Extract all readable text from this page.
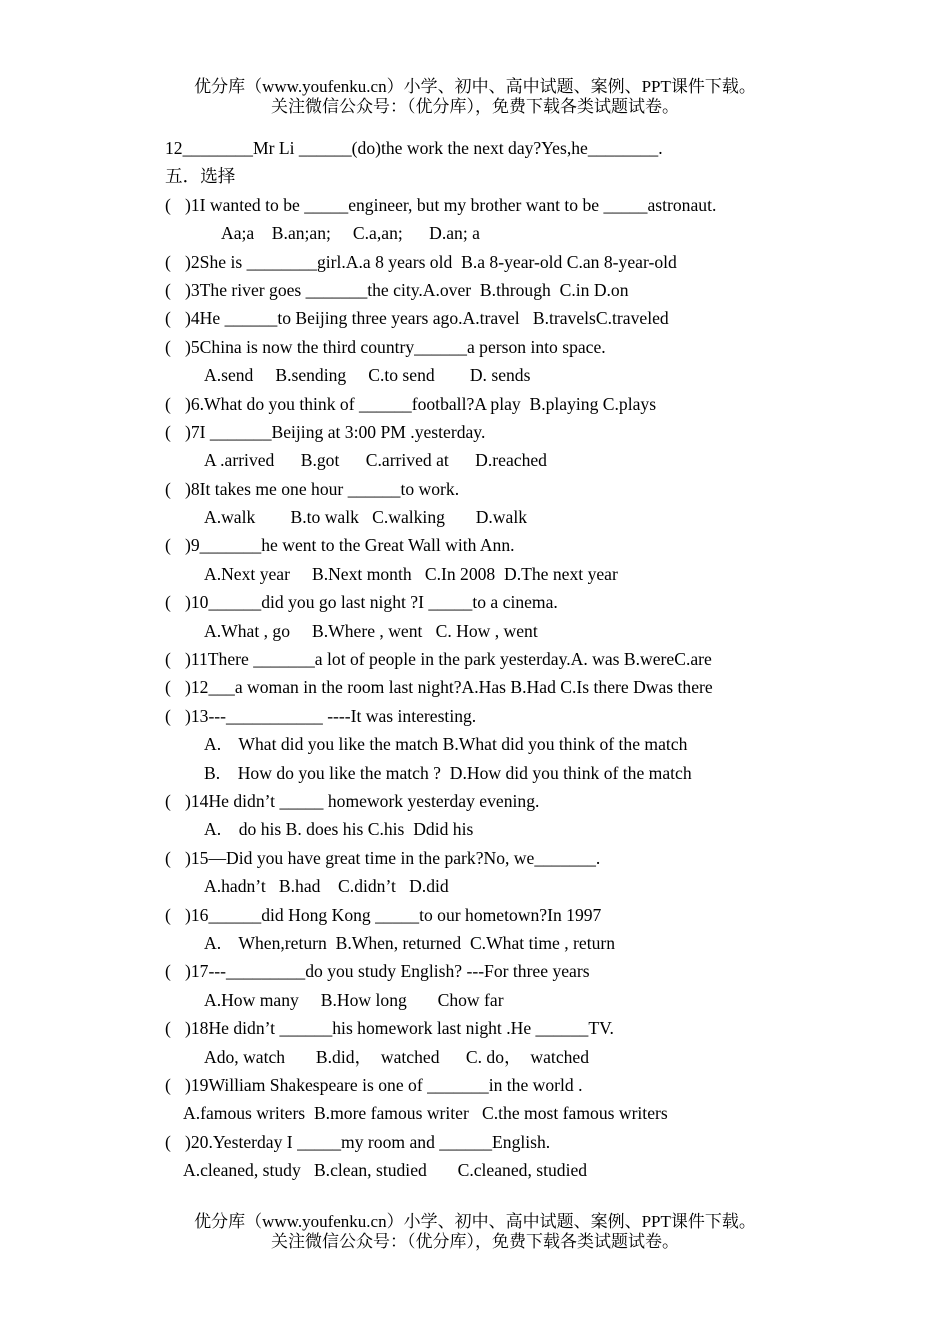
优分库（www.youfenku.cn）小学、初中、高中试题、案例、PPT课件下载。
关注微信公众号：（优分库），免费下载各类试题试卷。
12________Mr Li ______(do)the work the next day?Yes,he________.
五．选择
( )1I wanted to be _____engineer, but my brother want to be _____astronaut.
Aa;a    B.an;an;     C.a,an;      D.an; a
( )2She is ________girl.A.a 8 years old  B.a 8-year-old C.an 8-year-old
( )3The river goes _______the city.A.over  B.through  C.in D.on
( )4He ______to Beijing three years ago.A.travel   B.travelsC.traveled
( )5China is now the third country______a person into space.
A.send     B.sending     C.to send        D. sends
( )6.What do you think of ______football?A play  B.playing C.plays
( )7I _______Beijing at 3:00 PM .yesterday.
A .arrived      B.got      C.arrived at      D.reached
( )8It takes me one hour ______to work.
A.walk        B.to walk   C.walking       D.walk
( )9_______he went to the Great Wall with Ann.
A.Next year     B.Next month   C.In 2008  D.The next year
( )10______did you go last night ?I _____to a cinema.
A.What , go     B.Where , went   C. How , went
( )11There _______a lot of people in the park yesterday.A. was B.wereC.are
( )12___a woman in the room last night?A.Has B.Had C.Is there Dwas there
( )13---___________ ----It was interesting.
A.    What did you like the match B.What did you think of the match
B.    How do you like the match ?  D.How did you think of the match
( )14He didn’t _____ homework yesterday evening.
A.    do his B. does his C.his  Ddid his
( )15—Did you have great time in the park?No, we_______.
A.hadn’t   B.had    C.didn’t   D.did
( )16______did Hong Kong _____to our hometown?In 1997
A.    When,return  B.When, returned  C.What time , return
( )17---_________do you study English? ---For three years
A.How many     B.How long       Chow far
( )18He didn’t ______his homework last night .He ______TV.
Ado, watch       B.did，  watched      C. do，  watched
( )19William Shakespeare is one of _______in the world .
A.famous writers  B.more famous writer   C.the most famous writers
( )20.Yesterday I _____my room and ______English.
A.cleaned, study   B.clean, studied       C.cleaned, studied
优分库（www.youfenku.cn）小学、初中、高中试题、案例、PPT课件下载。
关注微信公众号：（优分库），免费下载各类试题试卷。
